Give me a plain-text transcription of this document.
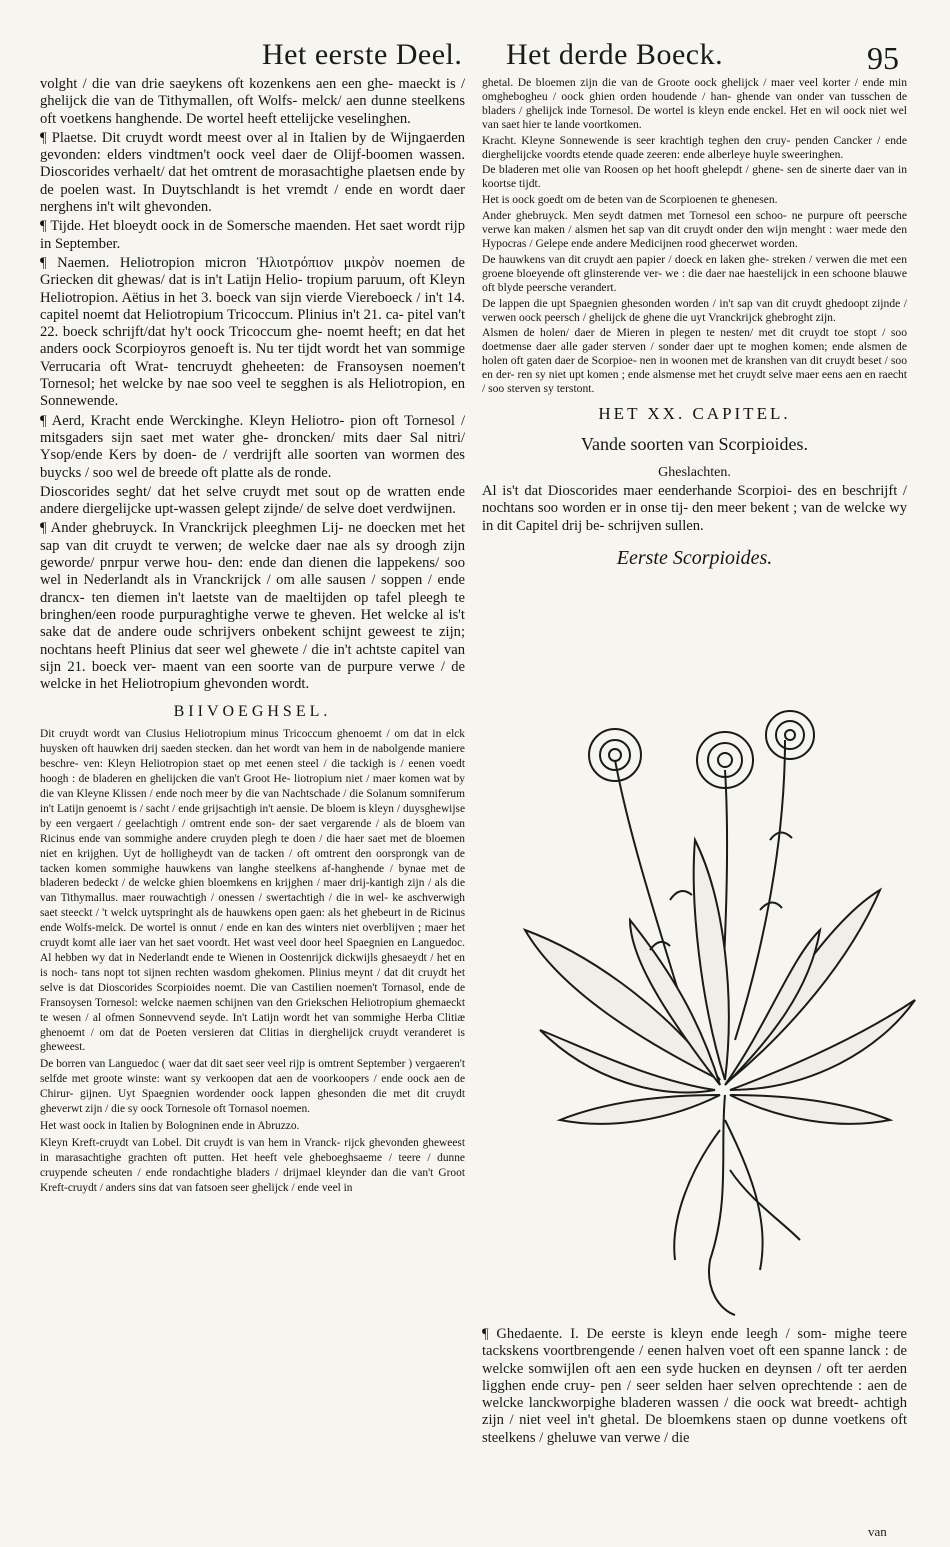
Het eerste Deel. Het derde Boeck.	95

volght / die van drie saeykens oft kozenkens aen een ghe- maeckt is / ghelijck die van de Tithymallen, oft Wolfs- melck/ aen dunne steelkens oft voetkens hanghende. De wortel heeft ettelijcke veselinghen.

¶ Plaetse. Dit cruydt wordt meest over al in Italien by de Wijngaerden gevonden: elders vindtmen't oock veel daer de Olijf-boomen wassen. Dioscorides verhaelt/ dat het omtrent de morasachtighe plaetsen ende by de poelen wast. In Duytschlandt is het vremdt / ende en wordt daer nerghens in't wilt ghevonden.

¶ Tijde. Het bloeydt oock in de Somersche maenden. Het saet wordt rijp in September.

¶ Naemen. Heliotropion micron Ἡλιοτρόπιον μικρὸν noemen de Griecken dit ghewas/ dat is in't Latijn Helio- tropium paruum, oft Kleyn Heliotropion. Aëtius in het 3. boeck van sijn vierde Viereboeck / in't 14. capitel noemt dat Heliotropium Tricoccum. Plinius in't 21. ca- pitel van't 22. boeck schrijft/dat hy't oock Tricoccum ghe- noemt heeft; en dat het anders oock Scorpioyros genoeft is. Nu ter tijdt wordt het van sommige Verrucaria oft Wrat- tencruydt gheheeten: de Fransoysen noemen't Tornesol; het welcke by nae soo veel te segghen is als Heliotropion, en Sonnewende.

¶ Aerd, Kracht ende Werckinghe. Kleyn Heliotro- pion oft Tornesol / mitsgaders sijn saet met water ghe- droncken/ mits daer Sal nitri/ Ysop/ende Kers by doen- de / verdrijft alle soorten van wormen des buycks / soo wel de breede oft platte als de ronde.

Dioscorides seght/ dat het selve cruydt met sout op de wratten ende andere diergelijcke upt-wassen gelept zijnde/ de selve doet verdwijnen.

¶ Ander ghebruyck. In Vranckrijck pleeghmen Lij- ne doecken met het sap van dit cruydt te verwen; de welcke daer nae als sy droogh zijn geworde/ pnrpur verwe hou- den: ende dan dienen die lappekens/ soo wel in Nederlandt als in Vranckrijck / om alle sausen / soppen / ende drancx- ten diemen in't laetste van de maeltijden op tafel pleegh te bringhen/een roode purpuraghtighe verwe te gheven. Het welcke al is't sake dat de andere oude schrijvers onbekent schijnt geweest te zijn; nochtans heeft Plinius dat seer wel ghewete / die in't achtste capitel van sijn 21. boeck ver- maent van een soorte van de purpure verwe / de welcke in het Heliotropium ghevonden wordt.

BIIVOEGHSEL.

Dit cruydt wordt van Clusius Heliotropium minus Tricoccum ghenoemt / om dat in elck huysken oft hauwken drij saeden stecken. dan het wordt van hem in de nabolgende maniere beschre- ven: Kleyn Heliotropion staet op met eenen steel / die tackigh is / eenen voedt hoogh : de bladeren en ghelijcken die van't Groot He- liotropium niet / maer komen wat by die van Kleyne Klissen / ende noch meer by die van Nachtschade / die Solanum somniferum in't Latijn genoemt is / sacht / ende grijsachtigh in't aensie. De bloem is kleyn / duysghewijse by een vergaert / geelachtigh / omtrent ende son- der saet vergarende / als de bloem van Ricinus ende van sommighe andere cruyden plegh te doen / die haer saet met de bloemen niet en krijghen. Uyt de holligheydt van de tacken / oft omtrent den oorsprongk van de tacken komen sommighe hauwkens van langhe steelkens af-hanghende / bynae met de bladeren bedeckt / de welcke ghien bloemkens en krijghen / maer drij-kantigh zijn / als die van Tithymallus. maer rouwachtigh / onessen / swertachtigh / die in wel- ke aschverwigh saet steeckt / 't welck uytspringht als de hauwkens open gaen: als het ghebeurt in de Ricinus ende Wolfs-melck. De wortel is onnut / ende en kan des winters niet overblijven ; maer het cruydt komt alle iaer van het saet voordt. Het wast veel door heel Spaegnien en Languedoc. Al hebben wy dat in Nederlandt ende te Wienen in Oostenrijck dickwijls ghesaeydt / het en is noch- tans nopt tot sijnen rechten wasdom ghekomen. Plinius meynt / dat dit cruydt het selve is dat Dioscorides Scorpioides noemt. Die van Castilien noemen't Tornasol, ende de Fransoysen Tornesol: welcke naemen schijnen van den Griekschen Heliotropium ghemaeckt te wesen / al ofmen Sonnevvend seyde. In't Latijn wordt het van sommighe Herba Clitiæ ghenoemt / om dat de Poeten versieren dat Clitias in dierghelijck cruydt veranderet is gheweest.

De borren van Languedoc ( waer dat dit saet seer veel rijp is omtrent September ) vergaeren't selfde met groote winste: want sy verkoopen dat aen de voorkoopers / ende oock aen de Chirur- gijnen. Uyt Spaegnien wordender oock lappen ghesonden die met dit cruydt gheverwt zijn / die sy oock Tornesole oft Tornasol noemen.

Het wast oock in Italien by Bologninen ende in Abruzzo.

Kleyn Kreft-cruydt van Lobel. Dit cruydt is van hem in Vranck- rijck ghevonden gheweest in marasachtighe grachten oft putten. Het heeft vele gheboeghsaeme / teere / dunne cruypende scheuten / ende rondachtighe bladers / drijmael kleynder dan die van't Groot Kreft-cruydt / anders sins dat van fatsoen seer ghelijck / ende veel in

ghetal. De bloemen zijn die van de Groote oock ghelijck / maer veel korter / ende min omghebogheu / oock ghien orden houdende / han- ghende van onder van tusschen de bladers / ghelijck inde Tornesol. De wortel is kleyn ende enckel. Het en wil oock niet wel van saet hier te lande voortkomen.

Kracht. Kleyne Sonnewende is seer krachtigh teghen den cruy- penden Cancker / ende dierghelijcke voordts etende quade zeeren: ende alberleye huyle sweeringhen.

De bladeren met olie van Roosen op het hooft ghelepdt / ghene- sen de sinerte daer van in koortse tijdt.

Het is oock goedt om de beten van de Scorpioenen te ghenesen.

Ander ghebruyck. Men seydt datmen met Tornesol een schoo- ne purpure oft peersche verwe kan maken / alsmen het sap van dit cruydt onder den wijn menght : waer mede den Hypocras / Gelepe ende andere Medicijnen rood ghecerwet worden.

De hauwkens van dit cruydt aen papier / doeck en laken ghe- streken / verwen die met een groene bloeyende oft glinsterende ver- we : die daer nae haestelijck in een schoone blauwe oft blyde peersche verandert.

De lappen die upt Spaegnien ghesonden worden / in't sap van dit cruydt ghedoopt zijnde / verwen oock peersch / ghelijck de ghene die uyt Vranckrijck ghebroght zijn.

Alsmen de holen/ daer de Mieren in plegen te nesten/ met dit cruydt toe stopt / soo doetmense daer alle gader sterven / sonder daer upt te moghen komen; ende alsmen de holen oft gaten daer de Scorpioe- nen in woonen met de kranshen van dit cruydt beset / soo en der- ren sy niet upt komen ; ende alsmense met het cruydt selve maer eens aen en raecht / soo sterven sy terstont.

HET XX. CAPITEL.
Vande soorten van Scorpioides.
Gheslachten.

Al is't dat Dioscorides maer eenderhande Scorpioi- des en beschrijft / nochtans soo worden er in onse tij- den meer bekent ; van de welcke wy in dit Capitel drij be- schrijven sullen.

Eerste Scorpioides.
¶ Ghedaente. I. De eerste is kleyn ende leegh / som- mighe teere tackskens voortbrengende / eenen halven voet oft een spanne lanck : de welcke somwijlen oft aen een syde hucken en deynsen / oft ter aerden ligghen ende cruy- pen / seer selden haer selven oprechtende : aen de welcke lanckworpighe bladeren wassen / die oock wat breedt- achtigh zijn / niet veel in't ghetal. De bloemkens staen op dunne voetkens oft steelkens / gheluwe van verwe / die
van
